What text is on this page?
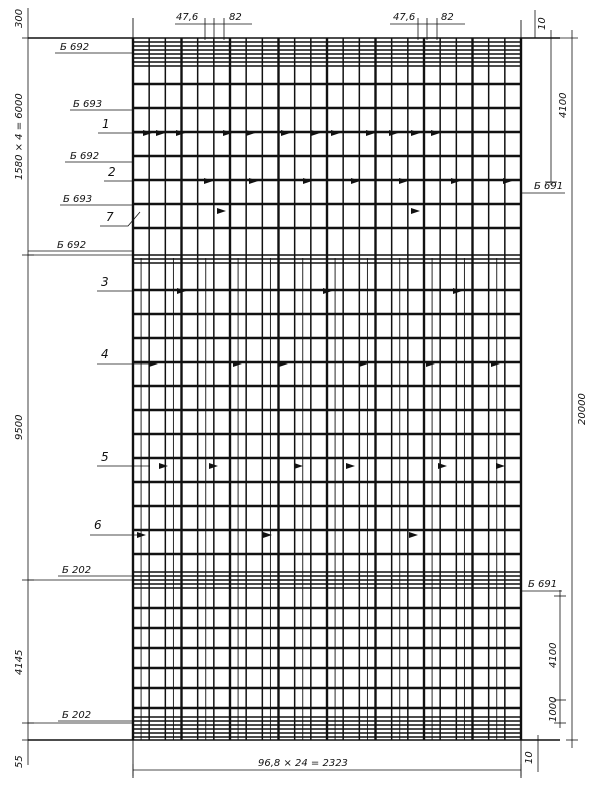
300
1580 × 4 = 6000
9500
4145
55
47,6	82	47,6	82	10
4100
20000
4100
1000
96,8 × 24 = 2323	10
Б 692
Б 693
Б 692
Б 693
Б 692
Б 202
Б 202
Б 691
Б 691
1
2
7
3
4
5
6
